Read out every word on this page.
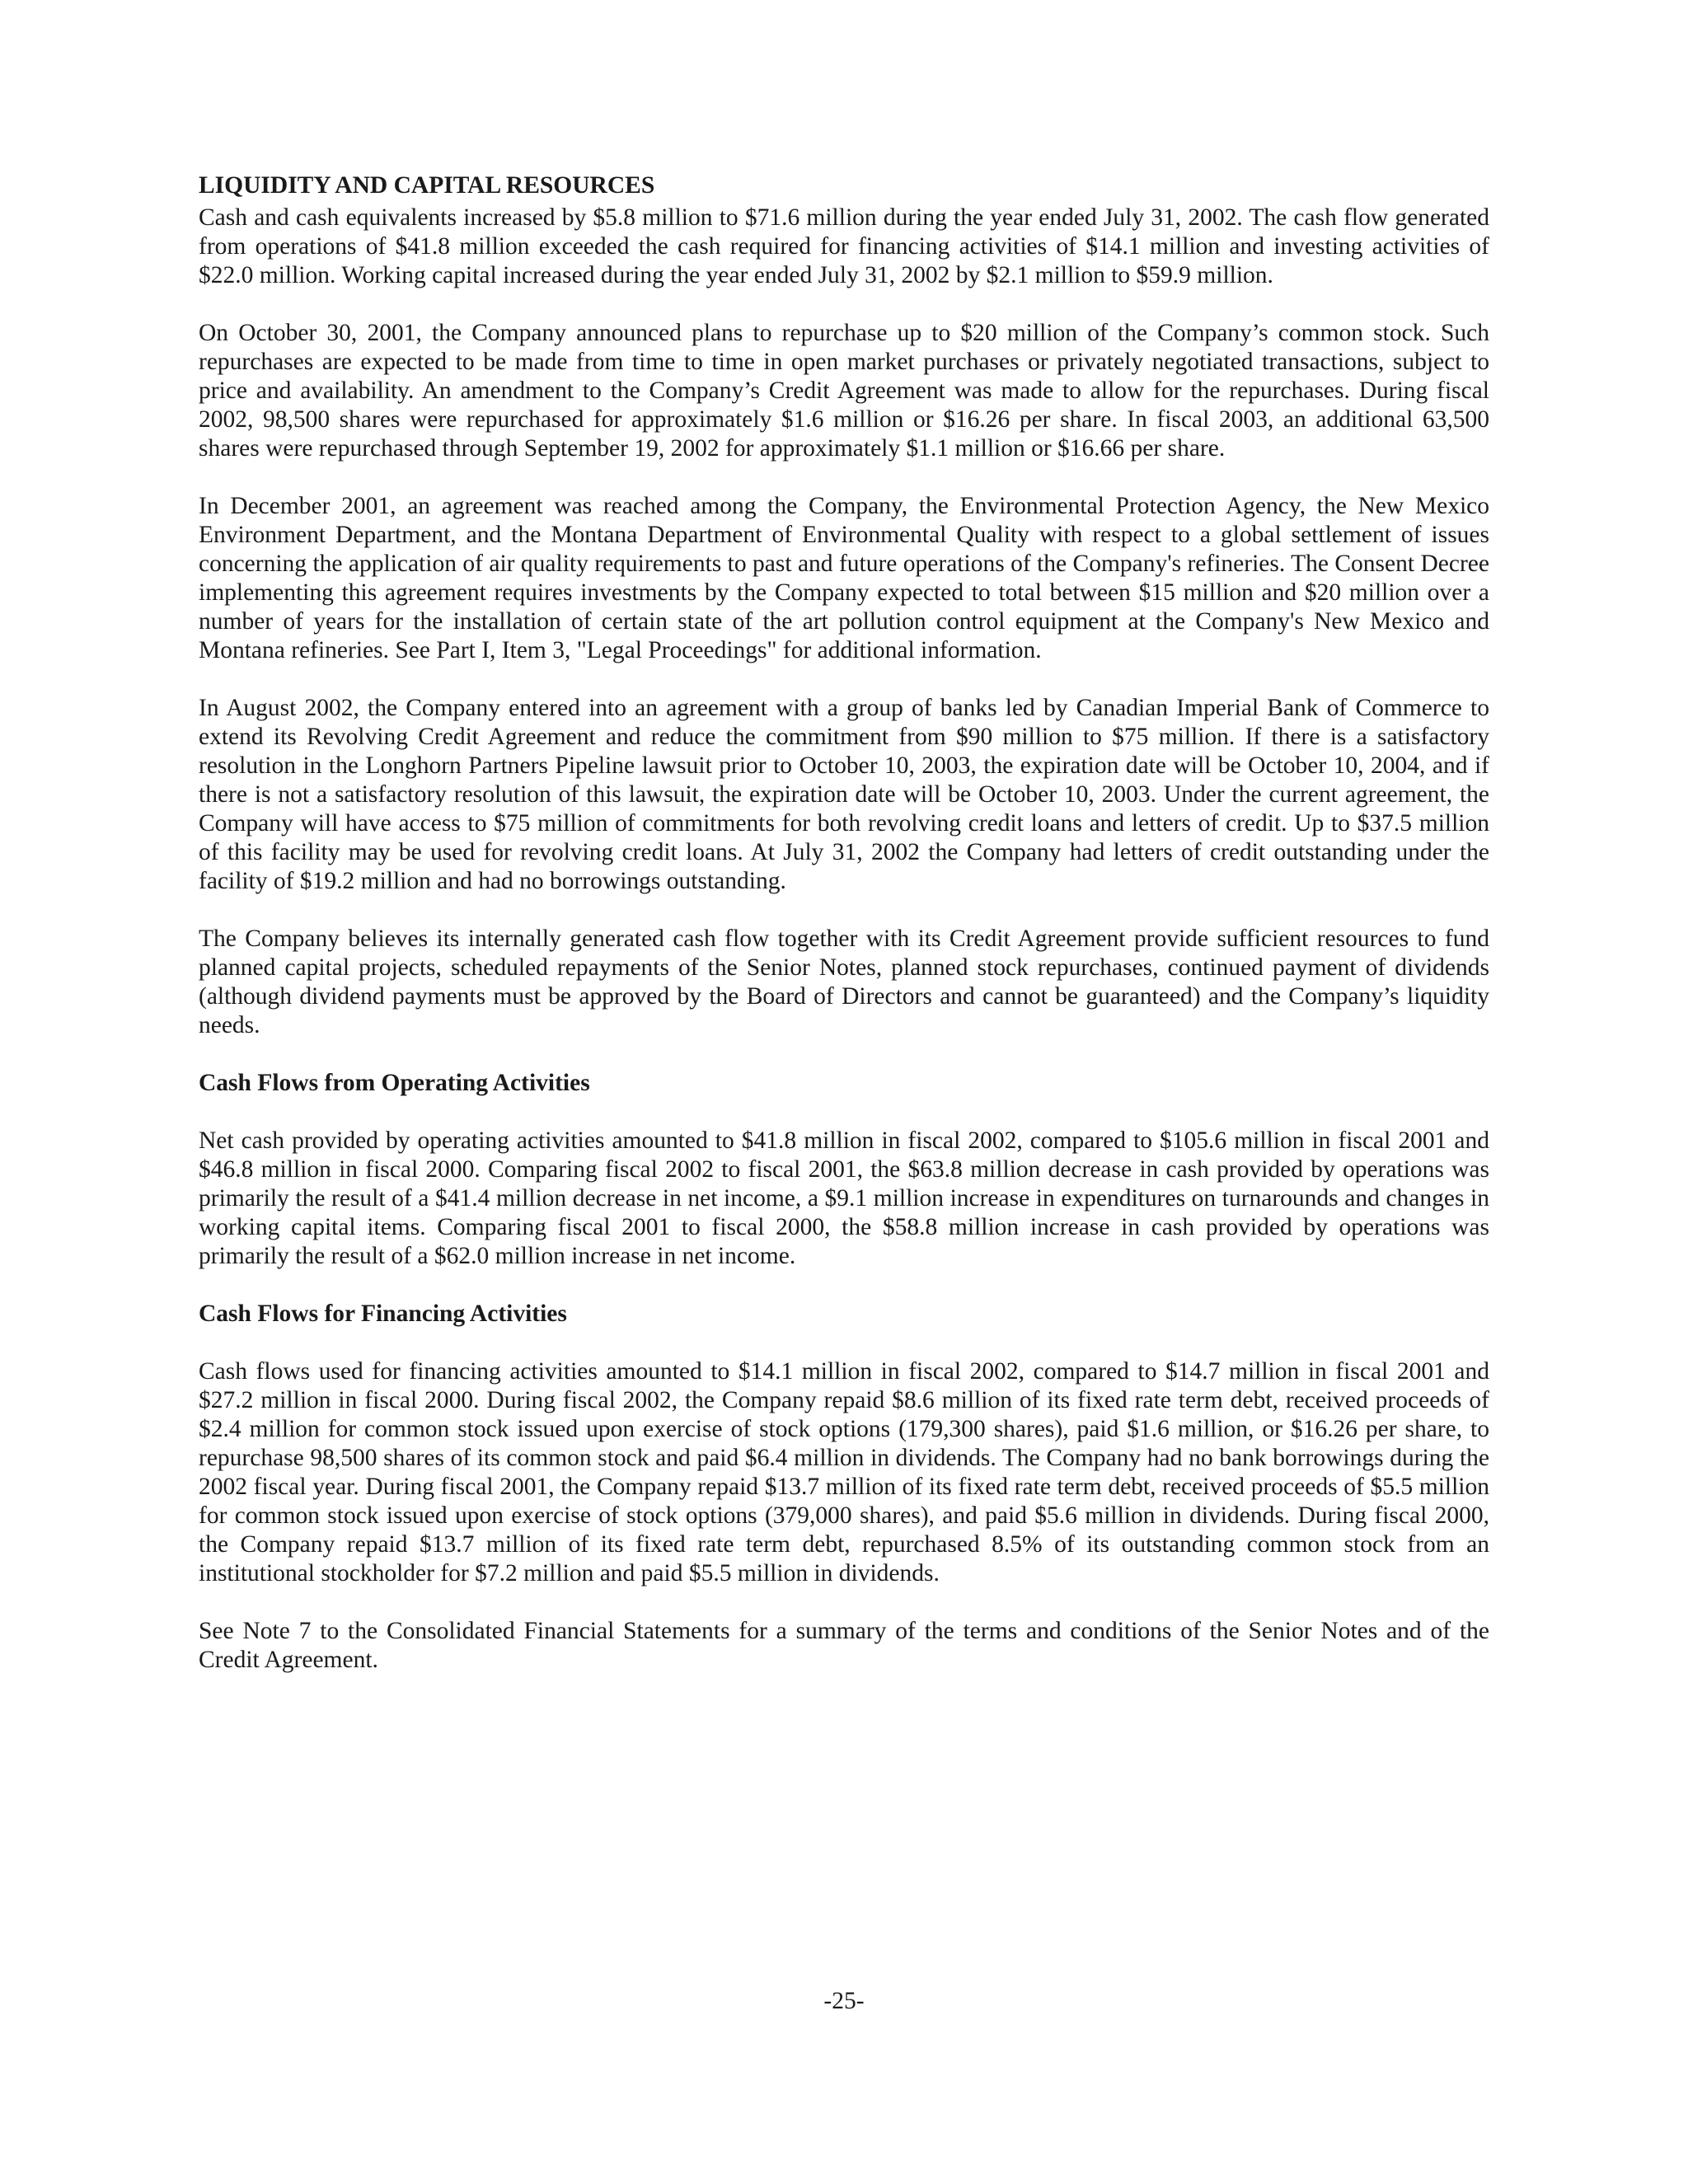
LIQUIDITY AND CAPITAL RESOURCES

Cash and cash equivalents increased by $5.8 million to $71.6 million during the year ended July 31, 2002. The cash flow generated from operations of $41.8 million exceeded the cash required for financing activities of $14.1 million and investing activities of $22.0 million. Working capital increased during the year ended July 31, 2002 by $2.1 million to $59.9 million.

On October 30, 2001, the Company announced plans to repurchase up to $20 million of the Company’s common stock. Such repurchases are expected to be made from time to time in open market purchases or privately negotiated transactions, subject to price and availability. An amendment to the Company’s Credit Agreement was made to allow for the repurchases. During fiscal 2002, 98,500 shares were repurchased for approximately $1.6 million or $16.26 per share. In fiscal 2003, an additional 63,500 shares were repurchased through September 19, 2002 for approximately $1.1 million or $16.66 per share.

In December 2001, an agreement was reached among the Company, the Environmental Protection Agency, the New Mexico Environment Department, and the Montana Department of Environmental Quality with respect to a global settlement of issues concerning the application of air quality requirements to past and future operations of the Company's refineries. The Consent Decree implementing this agreement requires investments by the Company expected to total between $15 million and $20 million over a number of years for the installation of certain state of the art pollution control equipment at the Company's New Mexico and Montana refineries. See Part I, Item 3, "Legal Proceedings" for additional information.

In August 2002, the Company entered into an agreement with a group of banks led by Canadian Imperial Bank of Commerce to extend its Revolving Credit Agreement and reduce the commitment from $90 million to $75 million. If there is a satisfactory resolution in the Longhorn Partners Pipeline lawsuit prior to October 10, 2003, the expiration date will be October 10, 2004, and if there is not a satisfactory resolution of this lawsuit, the expiration date will be October 10, 2003. Under the current agreement, the Company will have access to $75 million of commitments for both revolving credit loans and letters of credit. Up to $37.5 million of this facility may be used for revolving credit loans. At July 31, 2002 the Company had letters of credit outstanding under the facility of $19.2 million and had no borrowings outstanding.

The Company believes its internally generated cash flow together with its Credit Agreement provide sufficient resources to fund planned capital projects, scheduled repayments of the Senior Notes, planned stock repurchases, continued payment of dividends (although dividend payments must be approved by the Board of Directors and cannot be guaranteed) and the Company’s liquidity needs.

Cash Flows from Operating Activities

Net cash provided by operating activities amounted to $41.8 million in fiscal 2002, compared to $105.6 million in fiscal 2001 and $46.8 million in fiscal 2000. Comparing fiscal 2002 to fiscal 2001, the $63.8 million decrease in cash provided by operations was primarily the result of a $41.4 million decrease in net income, a $9.1 million increase in expenditures on turnarounds and changes in working capital items. Comparing fiscal 2001 to fiscal 2000, the $58.8 million increase in cash provided by operations was primarily the result of a $62.0 million increase in net income.

Cash Flows for Financing Activities

Cash flows used for financing activities amounted to $14.1 million in fiscal 2002, compared to $14.7 million in fiscal 2001 and $27.2 million in fiscal 2000. During fiscal 2002, the Company repaid $8.6 million of its fixed rate term debt, received proceeds of $2.4 million for common stock issued upon exercise of stock options (179,300 shares), paid $1.6 million, or $16.26 per share, to repurchase 98,500 shares of its common stock and paid $6.4 million in dividends. The Company had no bank borrowings during the 2002 fiscal year. During fiscal 2001, the Company repaid $13.7 million of its fixed rate term debt, received proceeds of $5.5 million for common stock issued upon exercise of stock options (379,000 shares), and paid $5.6 million in dividends. During fiscal 2000, the Company repaid $13.7 million of its fixed rate term debt, repurchased 8.5% of its outstanding common stock from an institutional stockholder for $7.2 million and paid $5.5 million in dividends.

See Note 7 to the Consolidated Financial Statements for a summary of the terms and conditions of the Senior Notes and of the Credit Agreement.

-25-
